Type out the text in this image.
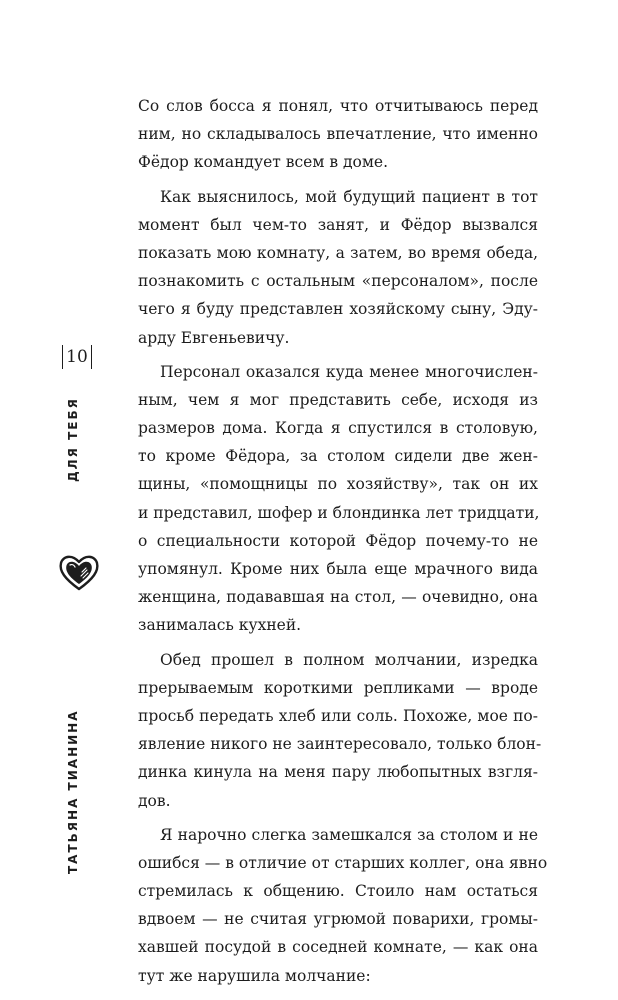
10
ДЛЯ ТЕБЯ
ТАТЬЯНА ТИАНИНА

Со слов босса я понял, что отчитываюсь перед
ним, но складывалось впечатление, что именно
Фёдор командует всем в доме.

Как выяснилось, мой будущий пациент в тот
момент был чем-то занят, и Фёдор вызвался
показать мою комнату, а затем, во время обеда,
познакомить с остальным «персоналом», после
чего я буду представлен хозяйскому сыну, Эду-
арду Евгеньевичу.

Персонал оказался куда менее многочислен-
ным, чем я мог представить себе, исходя из
размеров дома. Когда я спустился в столовую,
то кроме Фёдора, за столом сидели две жен-
щины, «помощницы по хозяйству», так он их
и представил, шофер и блондинка лет тридцати,
о специальности которой Фёдор почему-то не
упомянул. Кроме них была еще мрачного вида
женщина, подававшая на стол, — очевидно, она
занималась кухней.

Обед прошел в полном молчании, изредка
прерываемым короткими репликами — вроде
просьб передать хлеб или соль. Похоже, мое по-
явление никого не заинтересовало, только блон-
динка кинула на меня пару любопытных взгля-
дов.

Я нарочно слегка замешкался за столом и не
ошибся — в отличие от старших коллег, она явно
стремилась к общению. Стоило нам остаться
вдвоем — не считая угрюмой поварихи, громы-
хавшей посудой в соседней комнате, — как она
тут же нарушила молчание:
